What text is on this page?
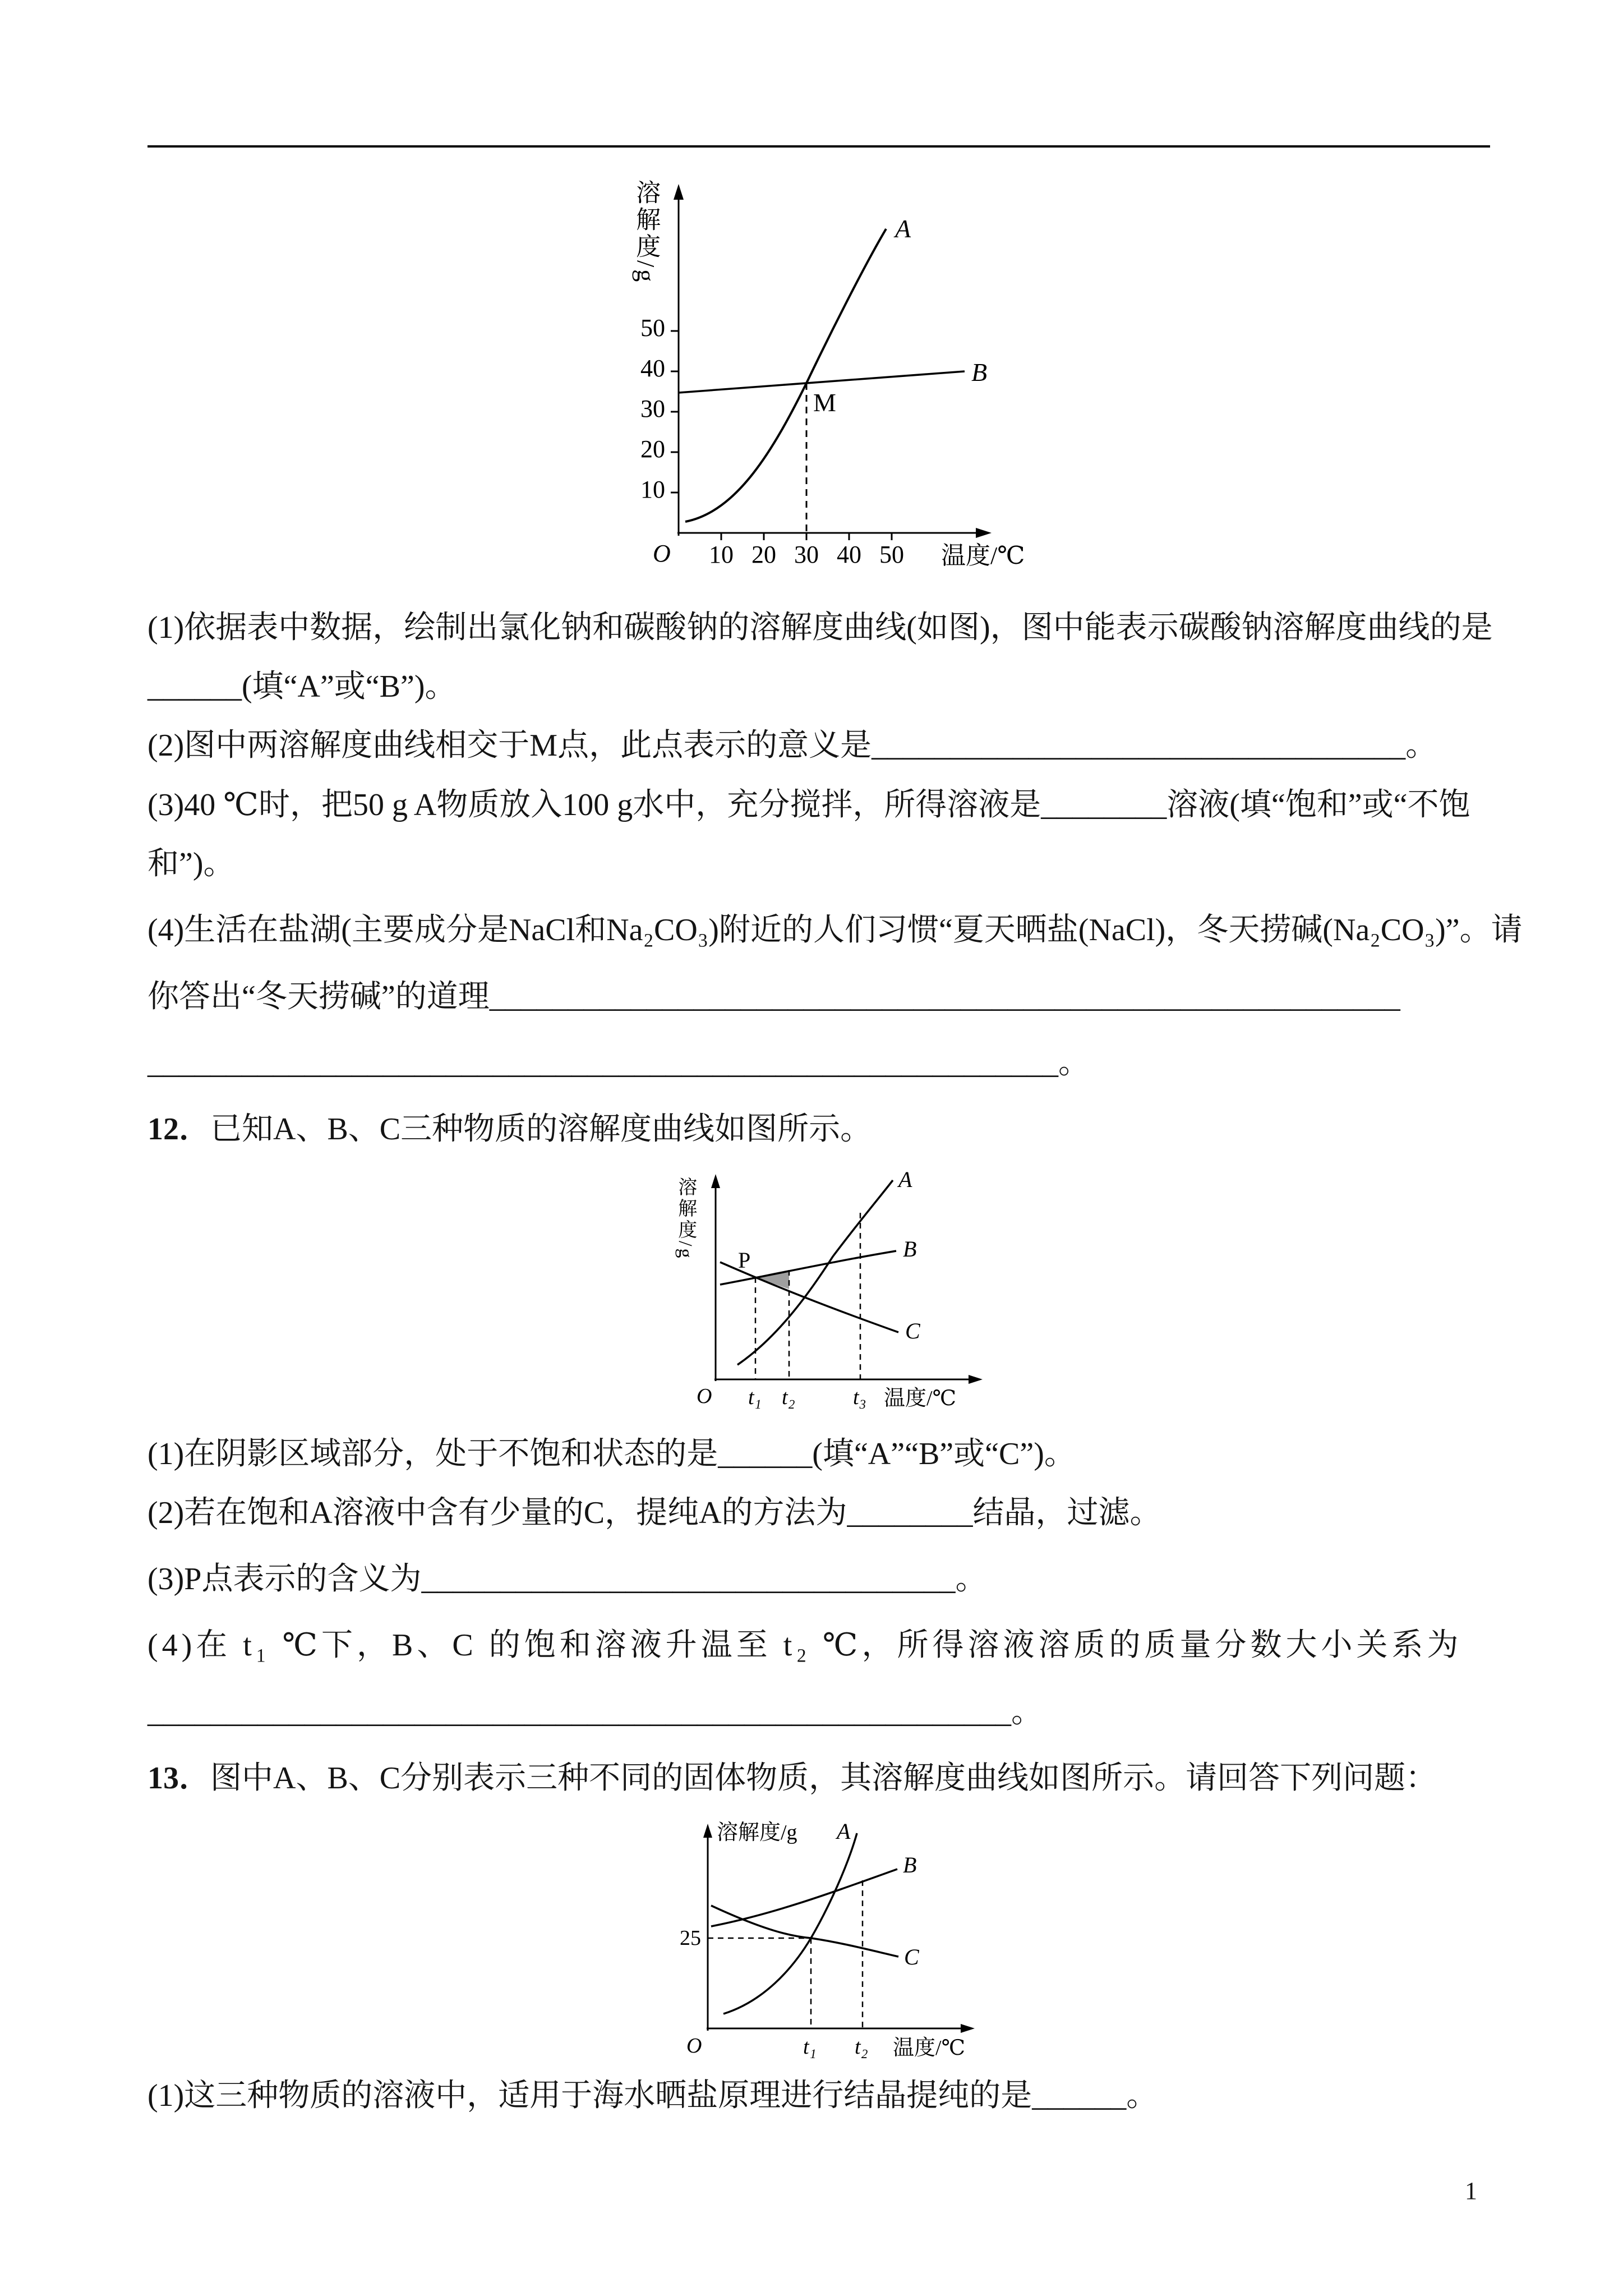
溶解度/g
50
40
30
20
10
O	10 20 30 40 50	温度/℃
A
B
M
(1)依据表中数据，绘制出氯化钠和碳酸钠的溶解度曲线(如图)，图中能表示碳酸钠溶解度曲线的是
______(填“A”或“B”)。
(2)图中两溶解度曲线相交于M点，此点表示的意义是__________________________________。
(3)40 ℃时，把50 g A物质放入100 g水中，充分搅拌，所得溶液是________溶液(填“饱和”或“不饱
和”)。
(4)生活在盐湖(主要成分是NaCl和Na₂CO₃)附近的人们习惯“夏天晒盐(NaCl)，冬天捞碱(Na₂CO₃)”。请
你答出“冬天捞碱”的道理__________________________________________________________
__________________________________________________________。
12．已知A、B、C三种物质的溶解度曲线如图所示。
溶解度/g
O t₁ t₂	t₃ 温度/℃
A
B
C
P
(1)在阴影区域部分，处于不饱和状态的是______(填“A”“B”或“C”)。
(2)若在饱和A溶液中含有少量的C，提纯A的方法为________结晶，过滤。
(3)P点表示的含义为__________________________________。
(4)在 t₁ ℃下，B、C 的饱和溶液升温至 t₂ ℃，所得溶液溶质的质量分数大小关系为
_______________________________________________________。
13．图中A、B、C分别表示三种不同的固体物质，其溶解度曲线如图所示。请回答下列问题：
溶解度/g
25
O	t₁ t₂ 温度/℃
A
B
C
(1)这三种物质的溶液中，适用于海水晒盐原理进行结晶提纯的是______。
1
